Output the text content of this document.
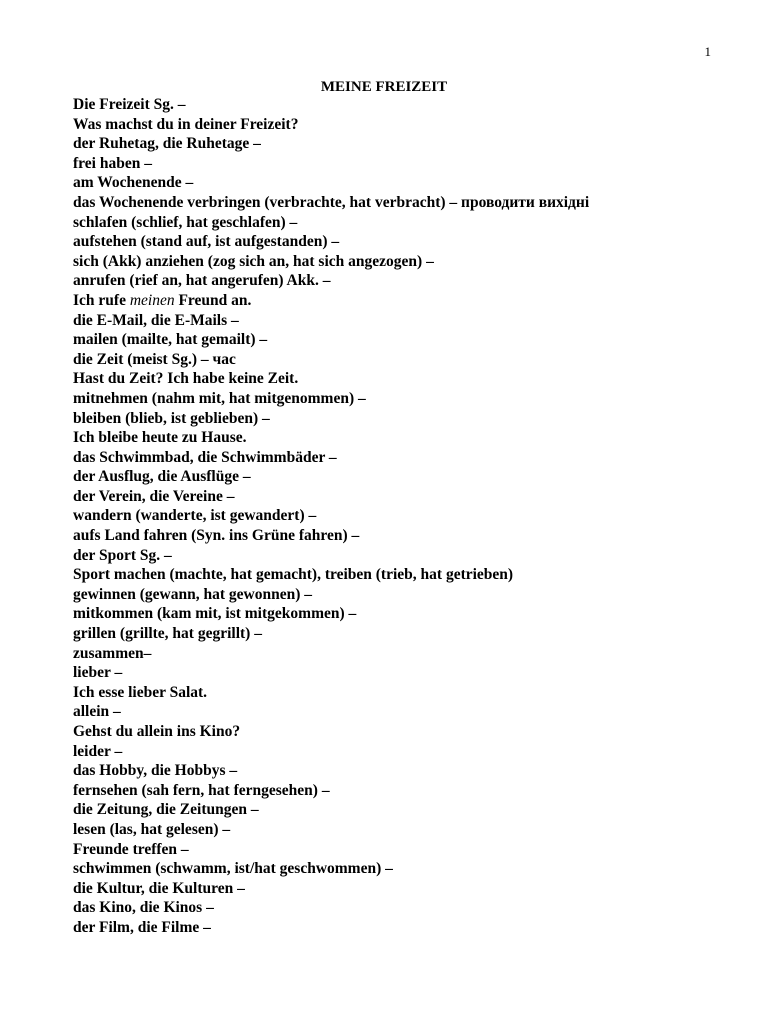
1
MEINE FREIZEIT
Die Freizeit Sg. –
Was machst du in deiner Freizeit?
der Ruhetag, die Ruhetage –
frei haben –
am Wochenende –
das Wochenende verbringen (verbrachte, hat verbracht) – проводити вихідні
schlafen (schlief, hat geschlafen) –
aufstehen (stand auf, ist aufgestanden) –
sich (Akk) anziehen (zog sich an, hat sich angezogen) –
anrufen (rief an, hat angerufen) Akk. –
Ich rufe meinen Freund an.
die E-Mail, die E-Mails –
mailen (mailte, hat gemailt) –
die Zeit (meist Sg.) – час
Hast du Zeit? Ich habe keine Zeit.
mitnehmen (nahm mit, hat mitgenommen) –
bleiben (blieb, ist geblieben) –
Ich bleibe heute zu Hause.
das Schwimmbad, die Schwimmbäder –
der Ausflug, die Ausflüge –
der Verein, die Vereine –
wandern (wanderte, ist gewandert) –
aufs Land fahren (Syn. ins Grüne fahren) –
der Sport Sg. –
Sport machen (machte, hat gemacht), treiben (trieb, hat getrieben)
gewinnen (gewann, hat gewonnen) –
mitkommen (kam mit, ist mitgekommen) –
grillen (grillte, hat gegrillt) –
zusammen–
lieber –
Ich esse lieber Salat.
allein –
Gehst du allein ins Kino?
leider –
das Hobby, die Hobbys –
fernsehen (sah fern, hat ferngesehen) –
die Zeitung, die Zeitungen –
lesen (las, hat gelesen) –
Freunde treffen –
schwimmen (schwamm, ist/hat geschwommen) –
die Kultur, die Kulturen –
das Kino, die Kinos –
der Film, die Filme –
